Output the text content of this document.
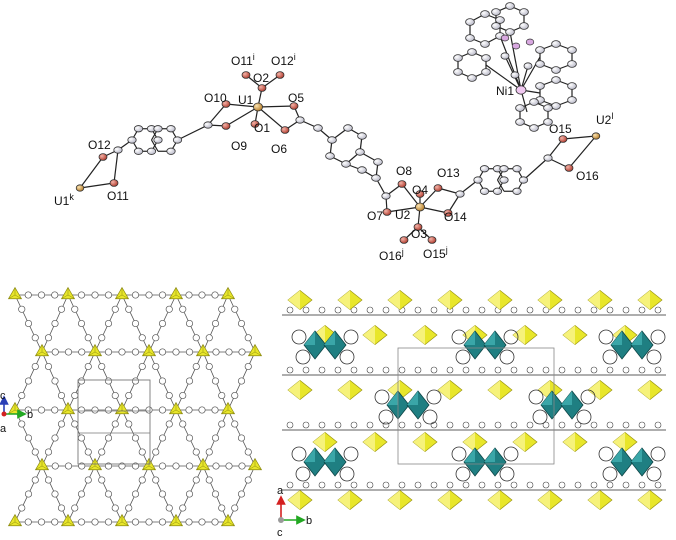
O11$^i$ O12$^i$
O2
O10 U1	O5
O1
O9 O6
O12
U1$^k$	O11
O8 O13
O4
O7 U2	O14
O3
O16$^j$ O15$^j$
O15
U2$^l$
O16
Ni1
b
c
a
a
b
c
